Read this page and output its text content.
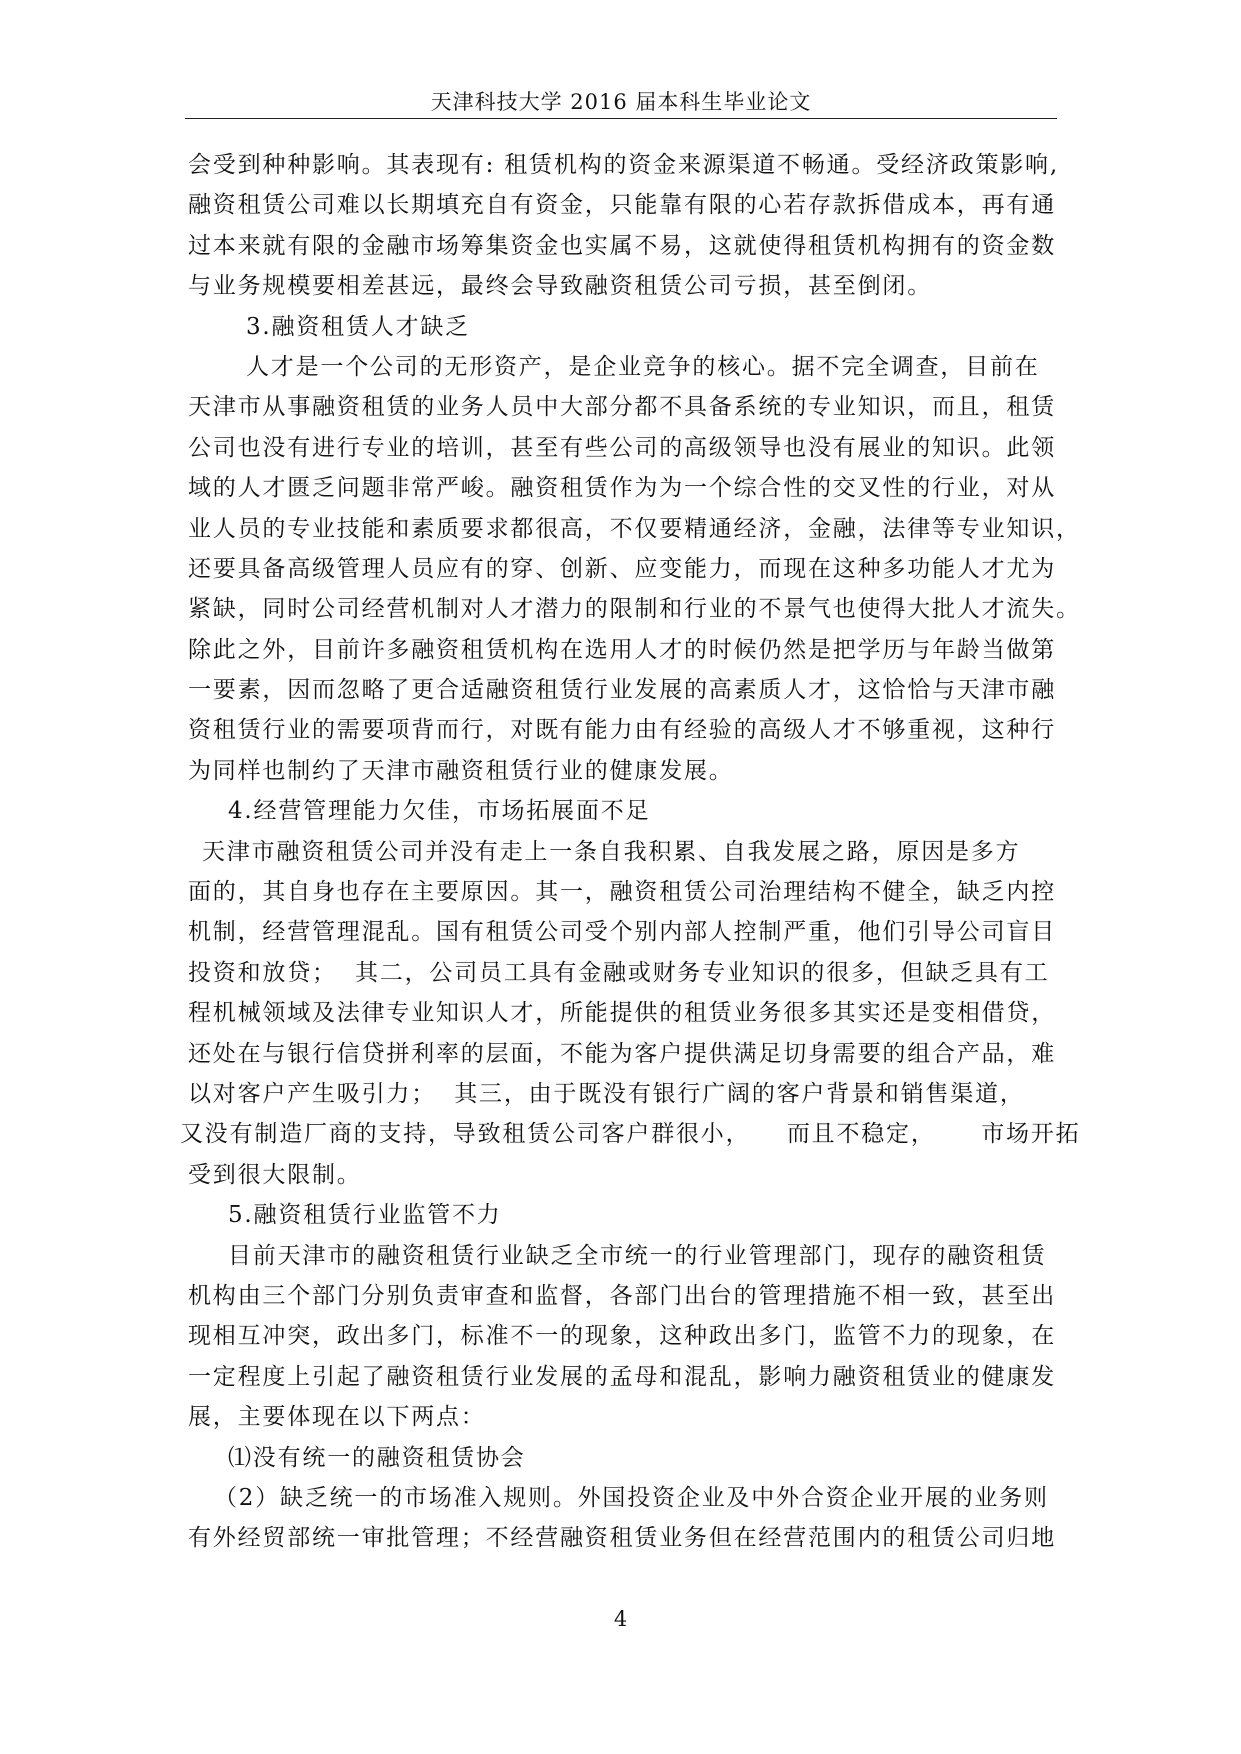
天津科技大学 2016 届本科生毕业论文
会受到种种影响。其表现有: 租赁机构的资金来源渠道不畅通。受经济政策影响,
融资租赁公司难以长期填充自有资金，只能靠有限的心若存款拆借成本，再有通
过本来就有限的金融市场筹集资金也实属不易，这就使得租赁机构拥有的资金数
与业务规模要相差甚远，最终会导致融资租赁公司亏损，甚至倒闭。
3.融资租赁人才缺乏
人才是一个公司的无形资产，是企业竞争的核心。据不完全调查，目前在
天津市从事融资租赁的业务人员中大部分都不具备系统的专业知识，而且，租赁
公司也没有进行专业的培训，甚至有些公司的高级领导也没有展业的知识。此领
域的人才匮乏问题非常严峻。融资租赁作为为一个综合性的交叉性的行业，对从
业人员的专业技能和素质要求都很高，不仅要精通经济，金融，法律等专业知识，
还要具备高级管理人员应有的穿、创新、应变能力，而现在这种多功能人才尤为
紧缺，同时公司经营机制对人才潜力的限制和行业的不景气也使得大批人才流失。
除此之外，目前许多融资租赁机构在选用人才的时候仍然是把学历与年龄当做第
一要素，因而忽略了更合适融资租赁行业发展的高素质人才，这恰恰与天津市融
资租赁行业的需要项背而行，对既有能力由有经验的高级人才不够重视，这种行
为同样也制约了天津市融资租赁行业的健康发展。
4.经营管理能力欠佳，市场拓展面不足
天津市融资租赁公司并没有走上一条自我积累、自我发展之路，原因是多方
面的，其自身也存在主要原因。其一，融资租赁公司治理结构不健全，缺乏内控
机制，经营管理混乱。国有租赁公司受个别内部人控制严重，他们引导公司盲目
投资和放贷；  其二，公司员工具有金融或财务专业知识的很多，但缺乏具有工
程机械领域及法律专业知识人才，所能提供的租赁业务很多其实还是变相借贷，
还处在与银行信贷拼利率的层面，不能为客户提供满足切身需要的组合产品，难
以对客户产生吸引力；  其三，由于既没有银行广阔的客户背景和销售渠道，
又没有制造厂商的支持，导致租赁公司客户群很小，    而且不稳定，     市场开拓
受到很大限制。
5.融资租赁行业监管不力
目前天津市的融资租赁行业缺乏全市统一的行业管理部门，现存的融资租赁
机构由三个部门分别负责审查和监督，各部门出台的管理措施不相一致，甚至出
现相互冲突，政出多门，标准不一的现象，这种政出多门，监管不力的现象，在
一定程度上引起了融资租赁行业发展的孟母和混乱，影响力融资租赁业的健康发
展，主要体现在以下两点：
⑴没有统一的融资租赁协会
（2）缺乏统一的市场准入规则。外国投资企业及中外合资企业开展的业务则
有外经贸部统一审批管理；不经营融资租赁业务但在经营范围内的租赁公司归地
4
